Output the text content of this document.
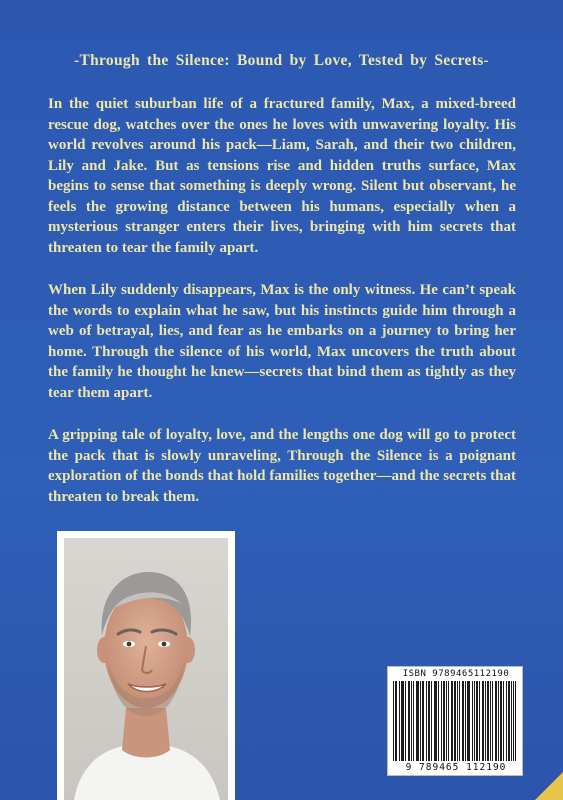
-Through the Silence: Bound by Love, Tested by Secrets-

In the quiet suburban life of a fractured family, Max, a mixed-breed rescue dog, watches over the ones he loves with unwavering loyalty. His world revolves around his pack—Liam, Sarah, and their two children, Lily and Jake. But as tensions rise and hidden truths surface, Max begins to sense that something is deeply wrong. Silent but observant, he feels the growing distance between his humans, especially when a mysterious stranger enters their lives, bringing with him secrets that threaten to tear the family apart.

When Lily suddenly disappears, Max is the only witness. He can’t speak the words to explain what he saw, but his instincts guide him through a web of betrayal, lies, and fear as he embarks on a journey to bring her home. Through the silence of his world, Max uncovers the truth about the family he thought he knew—secrets that bind them as tightly as they tear them apart.

A gripping tale of loyalty, love, and the lengths one dog will go to protect the pack that is slowly unraveling, Through the Silence is a poignant exploration of the bonds that hold families together—and the secrets that threaten to break them.

ISBN 9789465112190
9 789465 112190
